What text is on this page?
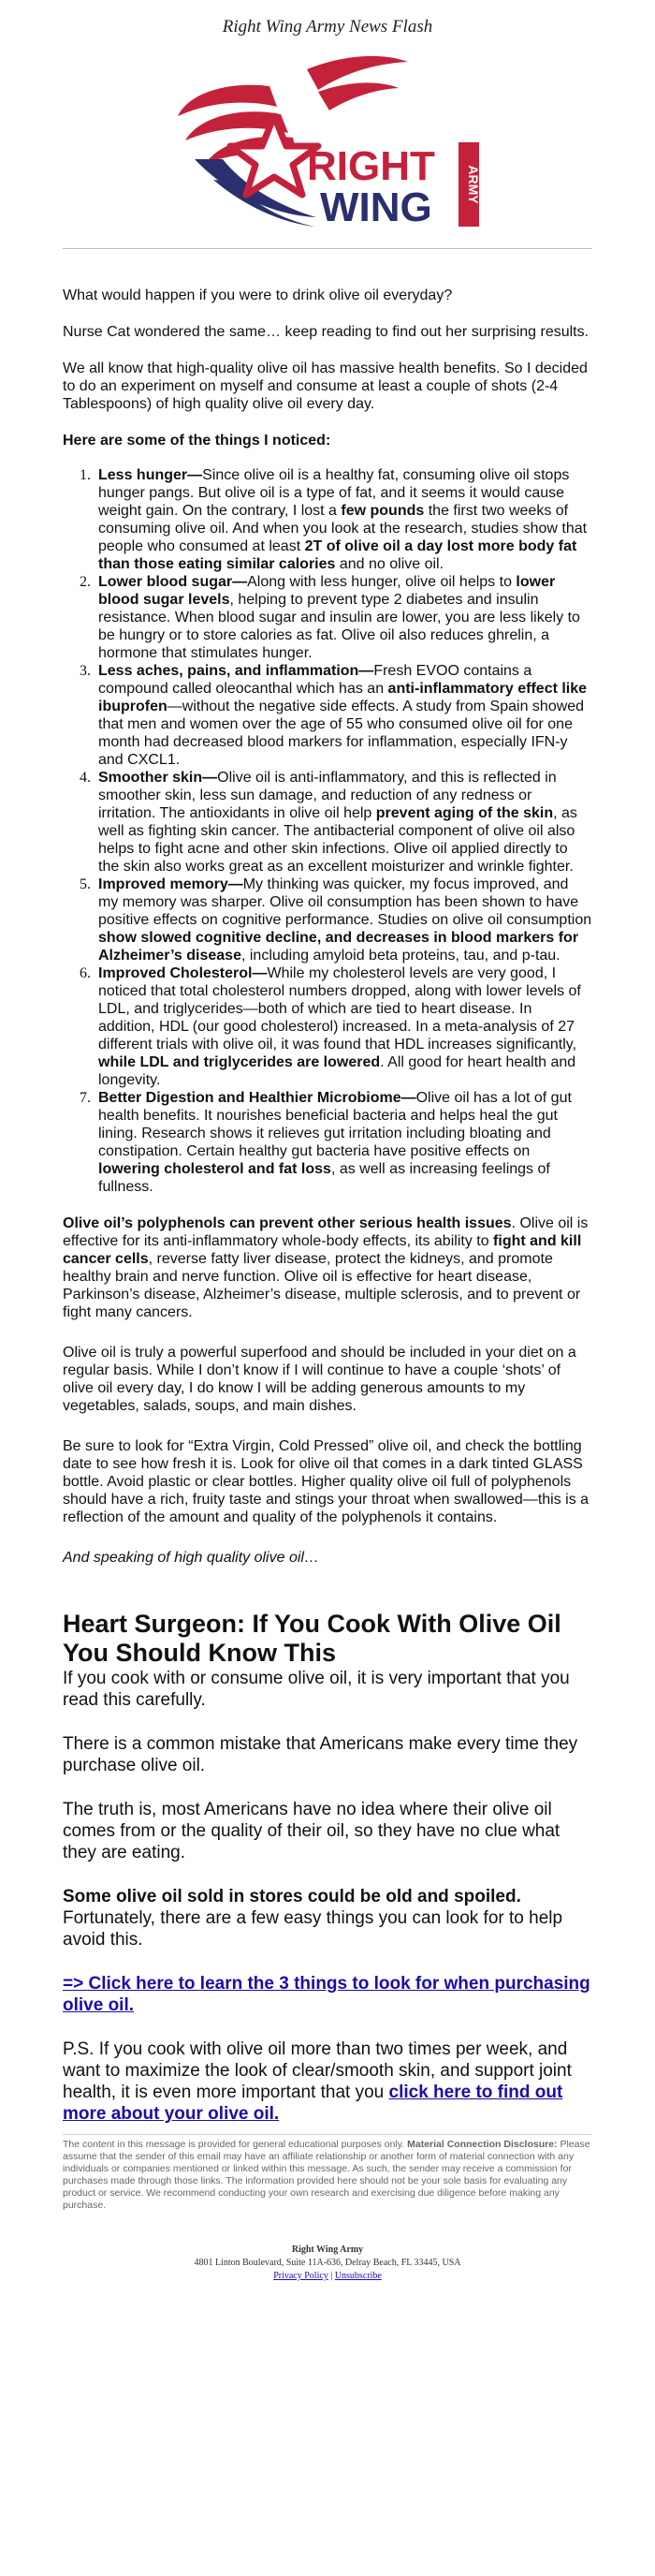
Right Wing Army News Flash
RIGHT
WING	ARMY
What would happen if you were to drink olive oil everyday?
Nurse Cat wondered the same… keep reading to find out her surprising results.
We all know that high-quality olive oil has massive health benefits. So I decided to do an experiment on myself and consume at least a couple of shots (2-4 Tablespoons) of high quality olive oil every day.
Here are some of the things I noticed:
Less hunger—Since olive oil is a healthy fat, consuming olive oil stops hunger pangs. But olive oil is a type of fat, and it seems it would cause weight gain. On the contrary, I lost a few pounds the first two weeks of consuming olive oil. And when you look at the research, studies show that people who consumed at least 2T of olive oil a day lost more body fat than those eating similar calories and no olive oil.
Lower blood sugar—Along with less hunger, olive oil helps to lower blood sugar levels, helping to prevent type 2 diabetes and insulin resistance. When blood sugar and insulin are lower, you are less likely to be hungry or to store calories as fat. Olive oil also reduces ghrelin, a hormone that stimulates hunger.
Less aches, pains, and inflammation—Fresh EVOO contains a compound called oleocanthal which has an anti-inflammatory effect like ibuprofen—without the negative side effects. A study from Spain showed that men and women over the age of 55 who consumed olive oil for one month had decreased blood markers for inflammation, especially IFN-y and CXCL1.
Smoother skin—Olive oil is anti-inflammatory, and this is reflected in smoother skin, less sun damage, and reduction of any redness or irritation. The antioxidants in olive oil help prevent aging of the skin, as well as fighting skin cancer. The antibacterial component of olive oil also helps to fight acne and other skin infections. Olive oil applied directly to the skin also works great as an excellent moisturizer and wrinkle fighter.
Improved memory—My thinking was quicker, my focus improved, and my memory was sharper. Olive oil consumption has been shown to have positive effects on cognitive performance. Studies on olive oil consumption show slowed cognitive decline, and decreases in blood markers for Alzheimer’s disease, including amyloid beta proteins, tau, and p-tau.
Improved Cholesterol—While my cholesterol levels are very good, I noticed that total cholesterol numbers dropped, along with lower levels of LDL, and triglycerides—both of which are tied to heart disease. In addition, HDL (our good cholesterol) increased. In a meta-analysis of 27 different trials with olive oil, it was found that HDL increases significantly, while LDL and triglycerides are lowered. All good for heart health and longevity.
Better Digestion and Healthier Microbiome—Olive oil has a lot of gut health benefits. It nourishes beneficial bacteria and helps heal the gut lining. Research shows it relieves gut irritation including bloating and constipation. Certain healthy gut bacteria have positive effects on lowering cholesterol and fat loss, as well as increasing feelings of fullness.
Olive oil’s polyphenols can prevent other serious health issues. Olive oil is effective for its anti-inflammatory whole-body effects, its ability to fight and kill cancer cells, reverse fatty liver disease, protect the kidneys, and promote healthy brain and nerve function. Olive oil is effective for heart disease, Parkinson’s disease, Alzheimer’s disease, multiple sclerosis, and to prevent or fight many cancers.
Olive oil is truly a powerful superfood and should be included in your diet on a regular basis. While I don’t know if I will continue to have a couple ‘shots’ of olive oil every day, I do know I will be adding generous amounts to my vegetables, salads, soups, and main dishes.
Be sure to look for “Extra Virgin, Cold Pressed” olive oil, and check the bottling date to see how fresh it is. Look for olive oil that comes in a dark tinted GLASS bottle. Avoid plastic or clear bottles. Higher quality olive oil full of polyphenols should have a rich, fruity taste and stings your throat when swallowed—this is a reflection of the amount and quality of the polyphenols it contains.
And speaking of high quality olive oil…
Heart Surgeon: If You Cook With Olive Oil You Should Know This
If you cook with or consume olive oil, it is very important that you read this carefully.
There is a common mistake that Americans make every time they purchase olive oil.
The truth is, most Americans have no idea where their olive oil comes from or the quality of their oil, so they have no clue what they are eating.
Some olive oil sold in stores could be old and spoiled. Fortunately, there are a few easy things you can look for to help avoid this.
=> Click here to learn the 3 things to look for when purchasing olive oil.
P.S. If you cook with olive oil more than two times per week, and want to maximize the look of clear/smooth skin, and support joint health, it is even more important that you click here to find out more about your olive oil.
The content in this message is provided for general educational purposes only. Material Connection Disclosure: Please assume that the sender of this email may have an affiliate relationship or another form of material connection with any individuals or companies mentioned or linked within this message. As such, the sender may receive a commission for purchases made through those links. The information provided here should not be your sole basis for evaluating any product or service. We recommend conducting your own research and exercising due diligence before making any purchase.
Right Wing Army
4801 Linton Boulevard, Suite 11A-636, Delray Beach, FL 33445, USA
Privacy Policy | Unsubscribe
